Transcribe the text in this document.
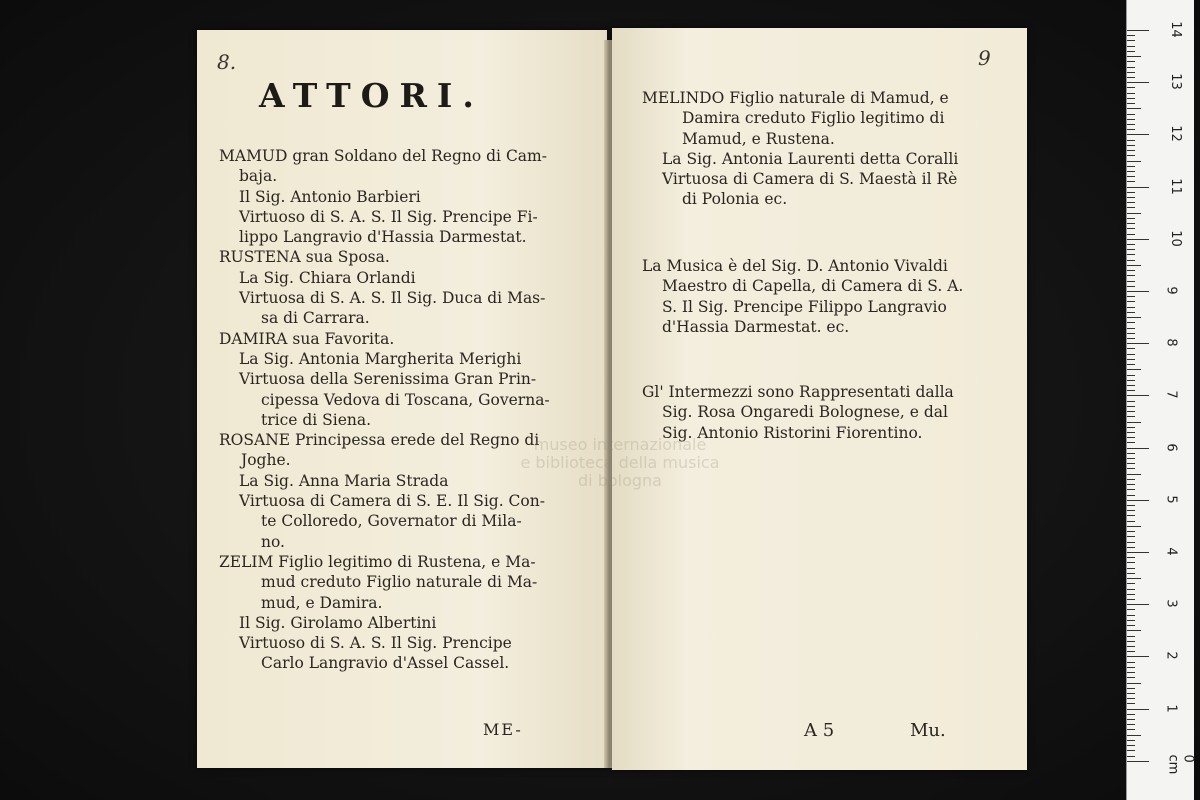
8.
ATTORI.
MAMUD gran Soldano del Regno di Cam-
baja.
Il Sig. Antonio Barbieri
Virtuoso di S. A. S. Il Sig. Prencipe Fi-
lippo Langravio d'Hassia Darmestat.
RUSTENA sua Sposa.
La Sig. Chiara Orlandi
Virtuosa di S. A. S. Il Sig. Duca di Mas-
sa di Carrara.
DAMIRA sua Favorita.
La Sig. Antonia Margherita Merighi
Virtuosa della Serenissima Gran Prin-
cipessa Vedova di Toscana, Governa-
trice di Siena.
ROSANE Principessa erede del Regno di
Joghe.
La Sig. Anna Maria Strada
Virtuosa di Camera di S. E. Il Sig. Con-
te Colloredo, Governator di Mila-
no.
ZELIM Figlio legitimo di Rustena, e Ma-
mud creduto Figlio naturale di Ma-
mud, e Damira.
Il Sig. Girolamo Albertini
Virtuoso di S. A. S. Il Sig. Prencipe
Carlo Langravio d'Assel Cassel.
ME-
9
MELINDO Figlio naturale di Mamud, e
Damira creduto Figlio legitimo di
Mamud, e Rustena.
La Sig. Antonia Laurenti detta Coralli
Virtuosa di Camera di S. Maestà il Rè
di Polonia ec.
La Musica è del Sig. D. Antonio Vivaldi
Maestro di Capella, di Camera di S. A.
S. Il Sig. Prencipe Filippo Langravio
d'Hassia Darmestat. ec.
Gl' Intermezzi sono Rappresentati dalla
Sig. Rosa Ongaredi Bolognese, e dal
Sig. Antonio Ristorini Fiorentino.
A 5	Mu.
museo internazionale
e biblioteca della musica
di bologna
14
13
12
11
10
9
8
7
6
5
4
3
2
1
0 cm
